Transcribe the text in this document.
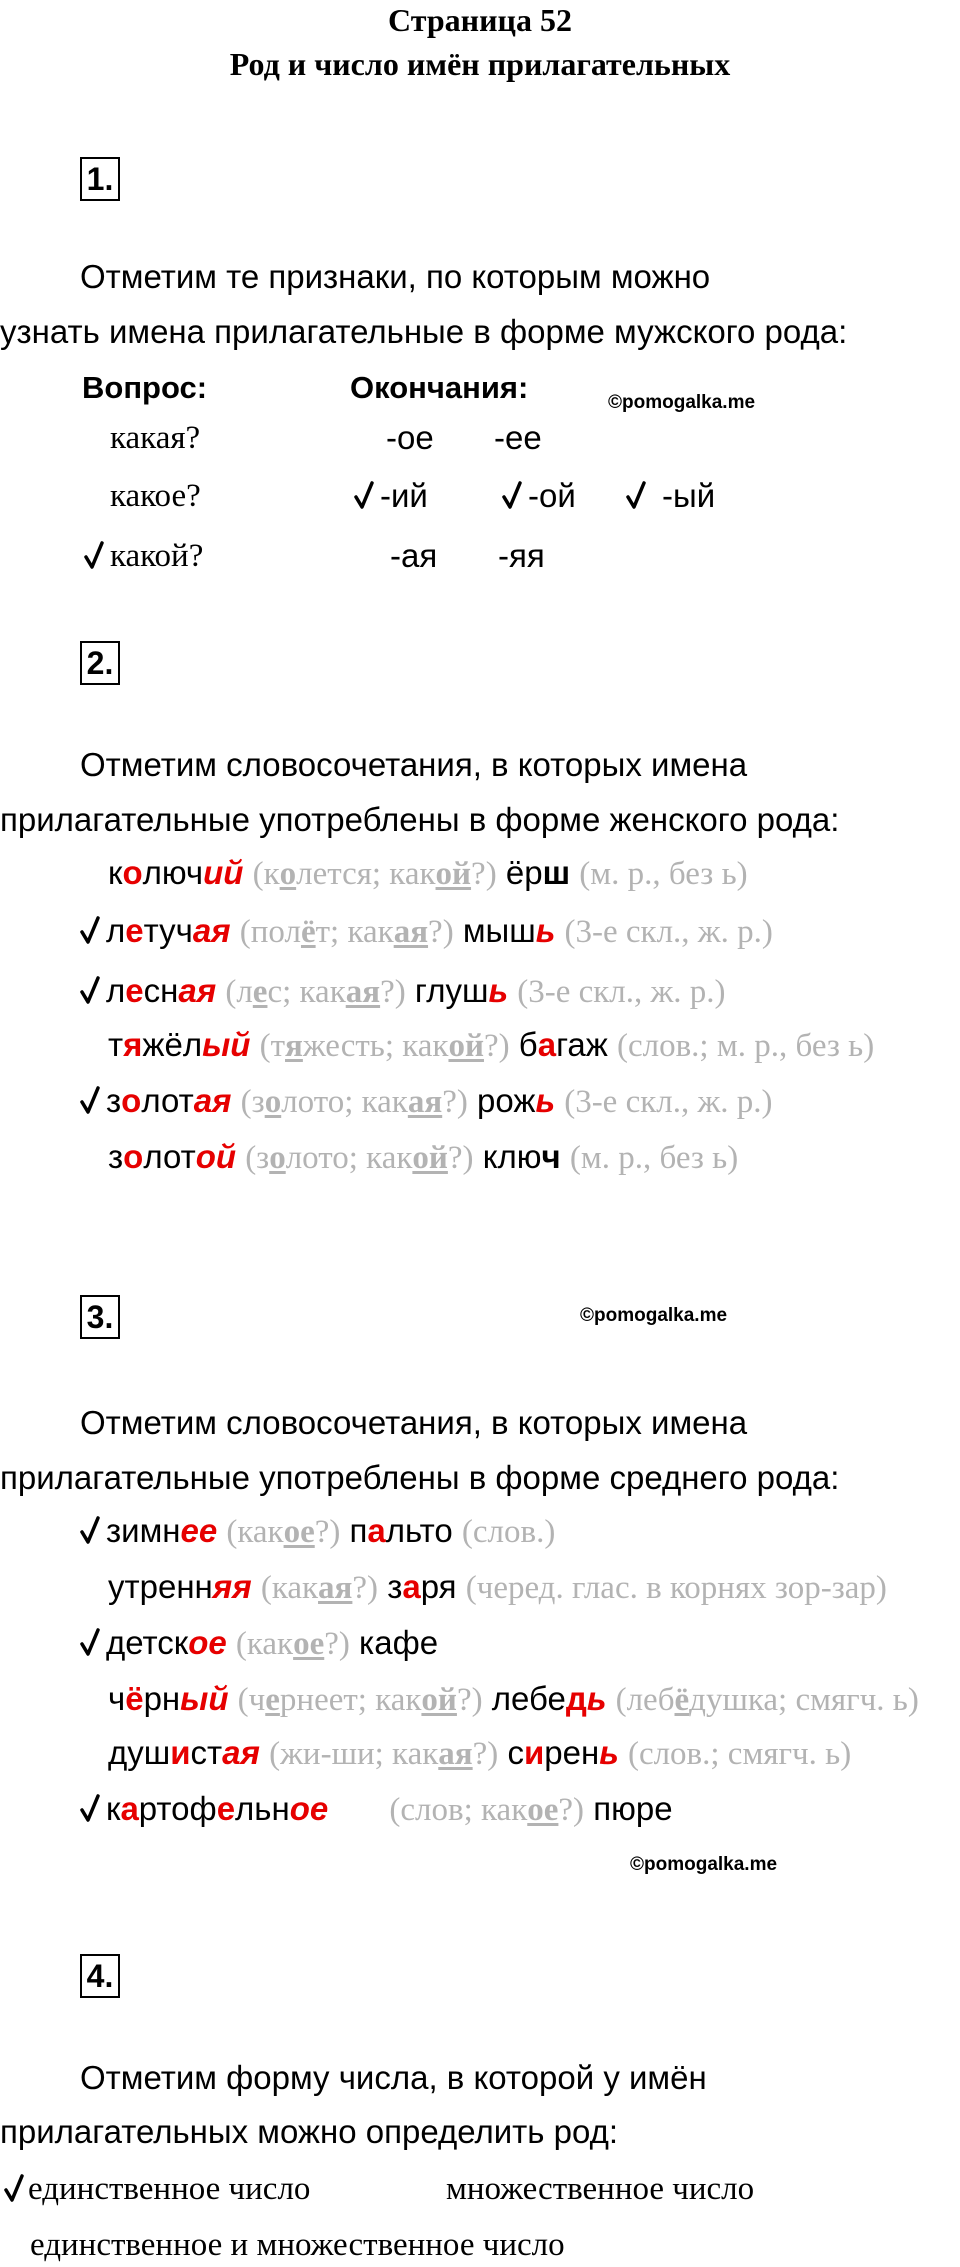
Страница 52
Род и число имён прилагательных
1.
Отметим те признаки, по которым можно
узнать имена прилагательные в форме мужского рода:
Вопрос:	Окончания:	©pomogalka.me
какая?	-ое -ее
какое?	-ий	-ой	-ый
какой?	-ая -яя
2.
Отметим словосочетания, в которых имена
прилагательные употреблены в форме женского рода:
колючий (колется; какой?) ёрш (м. р., без ь)
летучая (полёт; какая?) мышь (3-е скл., ж. р.)
лесная (лес; какая?) глушь (3-е скл., ж. р.)
тяжёлый (тяжесть; какой?) багаж (слов.; м. р., без ь)
золотая (золото; какая?) рожь (3-е скл., ж. р.)
золотой (золото; какой?) ключ (м. р., без ь)
3.	©pomogalka.me
Отметим словосочетания, в которых имена
прилагательные употреблены в форме среднего рода:
зимнее (какое?) пальто (слов.)
утренняя (какая?) заря (черед. глас. в корнях зор-зар)
детское (какое?) кафе
чёрный (чернеет; какой?) лебедь (лебёдушка; смягч. ь)
душистая (жи-ши; какая?) сирень (слов.; смягч. ь)
картофельное (слов; какое?) пюре
©pomogalka.me
4.
Отметим форму числа, в которой у имён
прилагательных можно определить род:
единственное число	множественное число
единственное и множественное число
